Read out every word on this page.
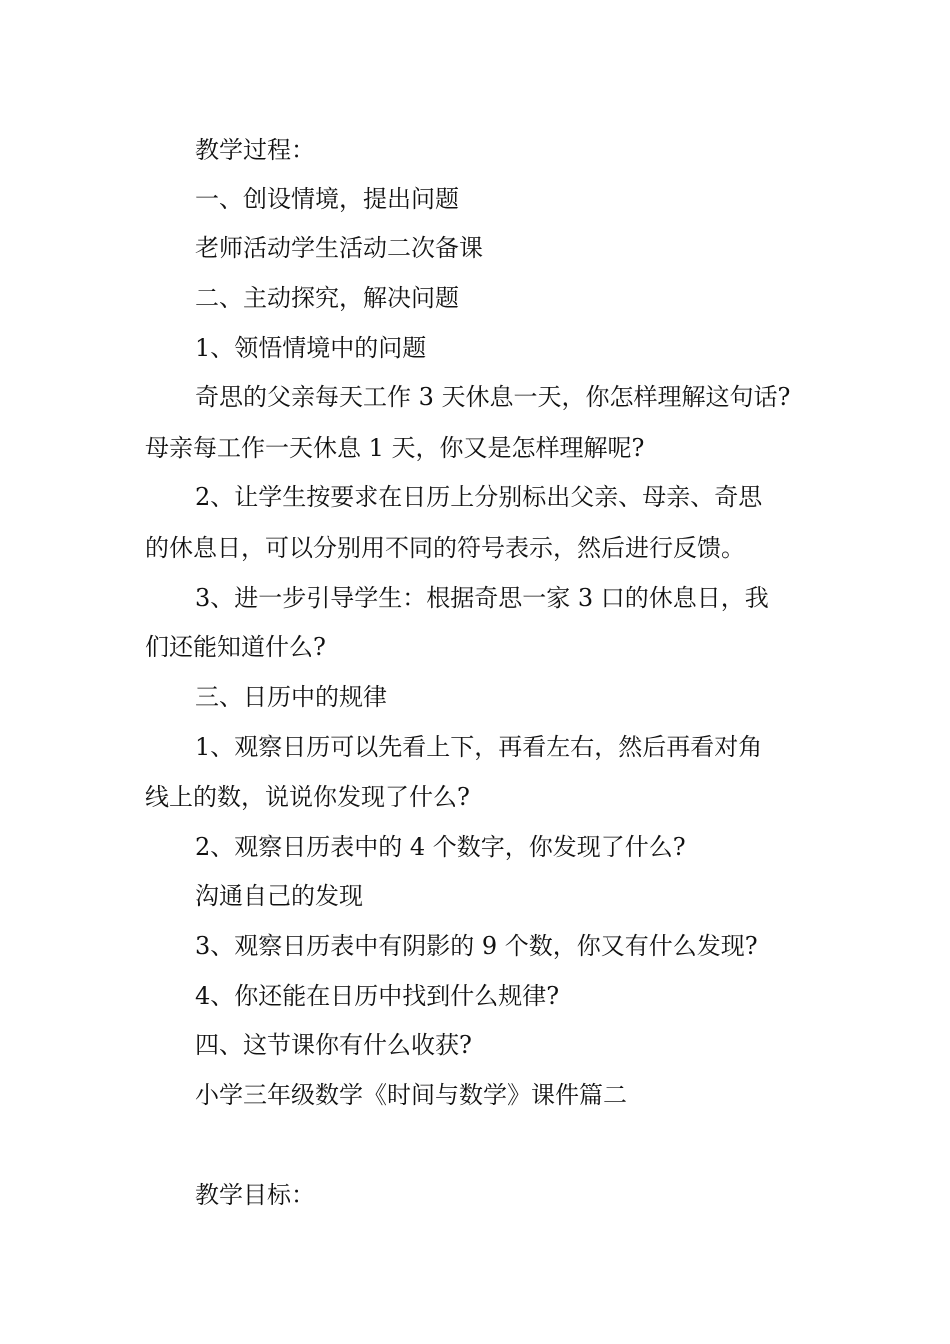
教学过程：
一、创设情境，提出问题
老师活动学生活动二次备课
二、主动探究，解决问题
1、领悟情境中的问题
奇思的父亲每天工作 3 天休息一天，你怎样理解这句话?
母亲每工作一天休息 1 天，你又是怎样理解呢?
2、让学生按要求在日历上分别标出父亲、母亲、奇思
的休息日，可以分别用不同的符号表示，然后进行反馈。
3、进一步引导学生：根据奇思一家 3 口的休息日，我
们还能知道什么?
三、日历中的规律
1、观察日历可以先看上下，再看左右，然后再看对角
线上的数，说说你发现了什么?
2、观察日历表中的 4 个数字，你发现了什么?
沟通自己的发现
3、观察日历表中有阴影的 9 个数，你又有什么发现?
4、你还能在日历中找到什么规律?
四、这节课你有什么收获?
小学三年级数学《时间与数学》课件篇二
教学目标：
